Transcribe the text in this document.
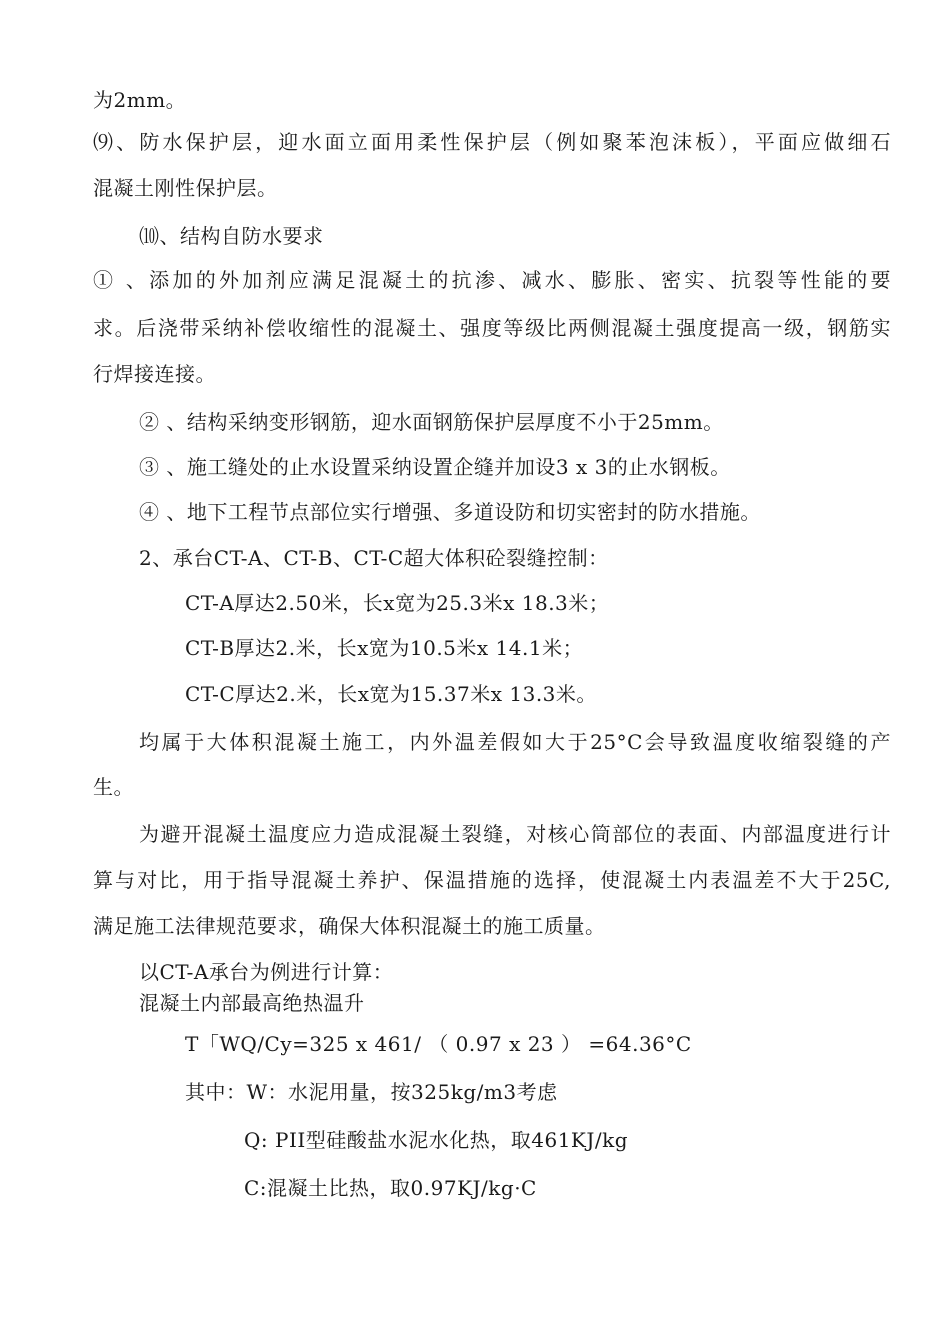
为2mm。
⑼、防水保护层，迎水面立面用柔性保护层（例如聚苯泡沫板），平面应做细石
混凝土刚性保护层。
⑽、结构自防水要求
① 、添加的外加剂应满足混凝土的抗渗、减水、膨胀、密实、抗裂等性能的要
求。后浇带采纳补偿收缩性的混凝土、强度等级比两侧混凝土强度提高一级，钢筋实
行焊接连接。
② 、结构采纳变形钢筋，迎水面钢筋保护层厚度不小于25mm。
③ 、施工缝处的止水设置采纳设置企缝并加设3 x 3的止水钢板。
④ 、地下工程节点部位实行增强、多道设防和切实密封的防水措施。
2、承台CT-A、CT-B、CT-C超大体积砼裂缝控制：
CT-A厚达2.50米，长x宽为25.3米x 18.3米；
CT-B厚达2.米，长x宽为10.5米x 14.1米；
CT-C厚达2.米，长x宽为15.37米x 13.3米。
均属于大体积混凝土施工，内外温差假如大于25°C会导致温度收缩裂缝的产
生。
为避开混凝土温度应力造成混凝土裂缝，对核心筒部位的表面、内部温度进行计
算与对比，用于指导混凝土养护、保温措施的选择，使混凝土内表温差不大于25C,
满足施工法律规范要求，确保大体积混凝土的施工质量。
以CT-A承台为例进行计算：
混凝土内部最高绝热温升
T「WQ/Cy=325 x 461/ （ 0.97 x 23 ） =64.36°C
其中：W：水泥用量，按325kg/m3考虑
Q: PII型硅酸盐水泥水化热，取461KJ/kg
C:混凝土比热，取0.97KJ/kg·C
